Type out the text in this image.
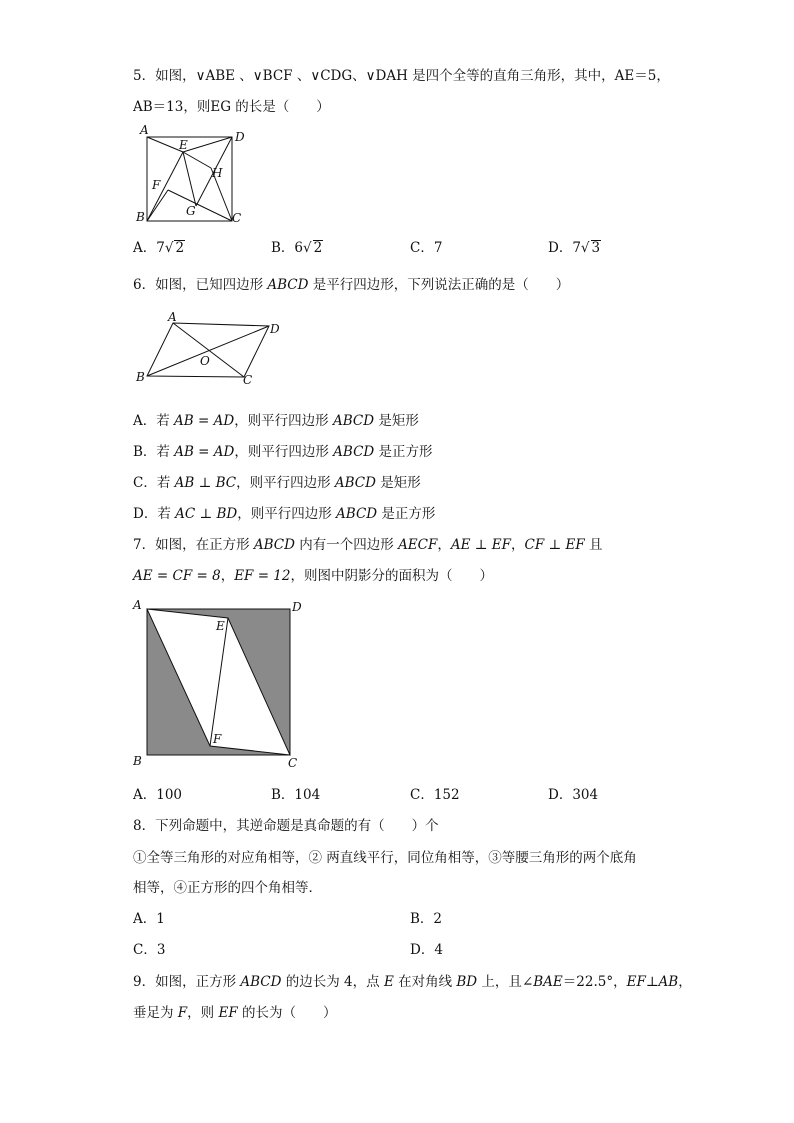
5．如图，∨ABE 、∨BCF 、∨CDG、∨DAH 是四个全等的直角三角形，其中，AE＝5，
AB＝13，则EG 的长是（　　）
A	D
B	C
E
F
G
H
A．7√ 2	B．6√ 2	C．7	D．7√ 3
6．如图，已知四边形 ABCD 是平行四边形，下列说法正确的是（　　）
A
D
B	C
O
A．若 AB = AD，则平行四边形 ABCD 是矩形
B．若 AB = AD，则平行四边形 ABCD 是正方形
C．若 AB ⊥ BC，则平行四边形 ABCD 是矩形
D．若 AC ⊥ BD，则平行四边形 ABCD 是正方形
7．如图，在正方形 ABCD 内有一个四边形 AECF，AE ⊥ EF，CF ⊥ EF 且
AE = CF = 8，EF = 12，则图中阴影分的面积为（　　）
A	D
B	C
E
F
A．100	B．104	C．152	D．304
8．下列命题中，其逆命题是真命题的有（　　）个
①全等三角形的对应角相等，② 两直线平行，同位角相等，③等腰三角形的两个底角
相等，④正方形的四个角相等．
A．1	B．2
C．3	D．4
9．如图，正方形 ABCD 的边长为 4，点 E 在对角线 BD 上，且∠BAE＝22.5°，EF⊥AB，
垂足为 F，则 EF 的长为（　　）
